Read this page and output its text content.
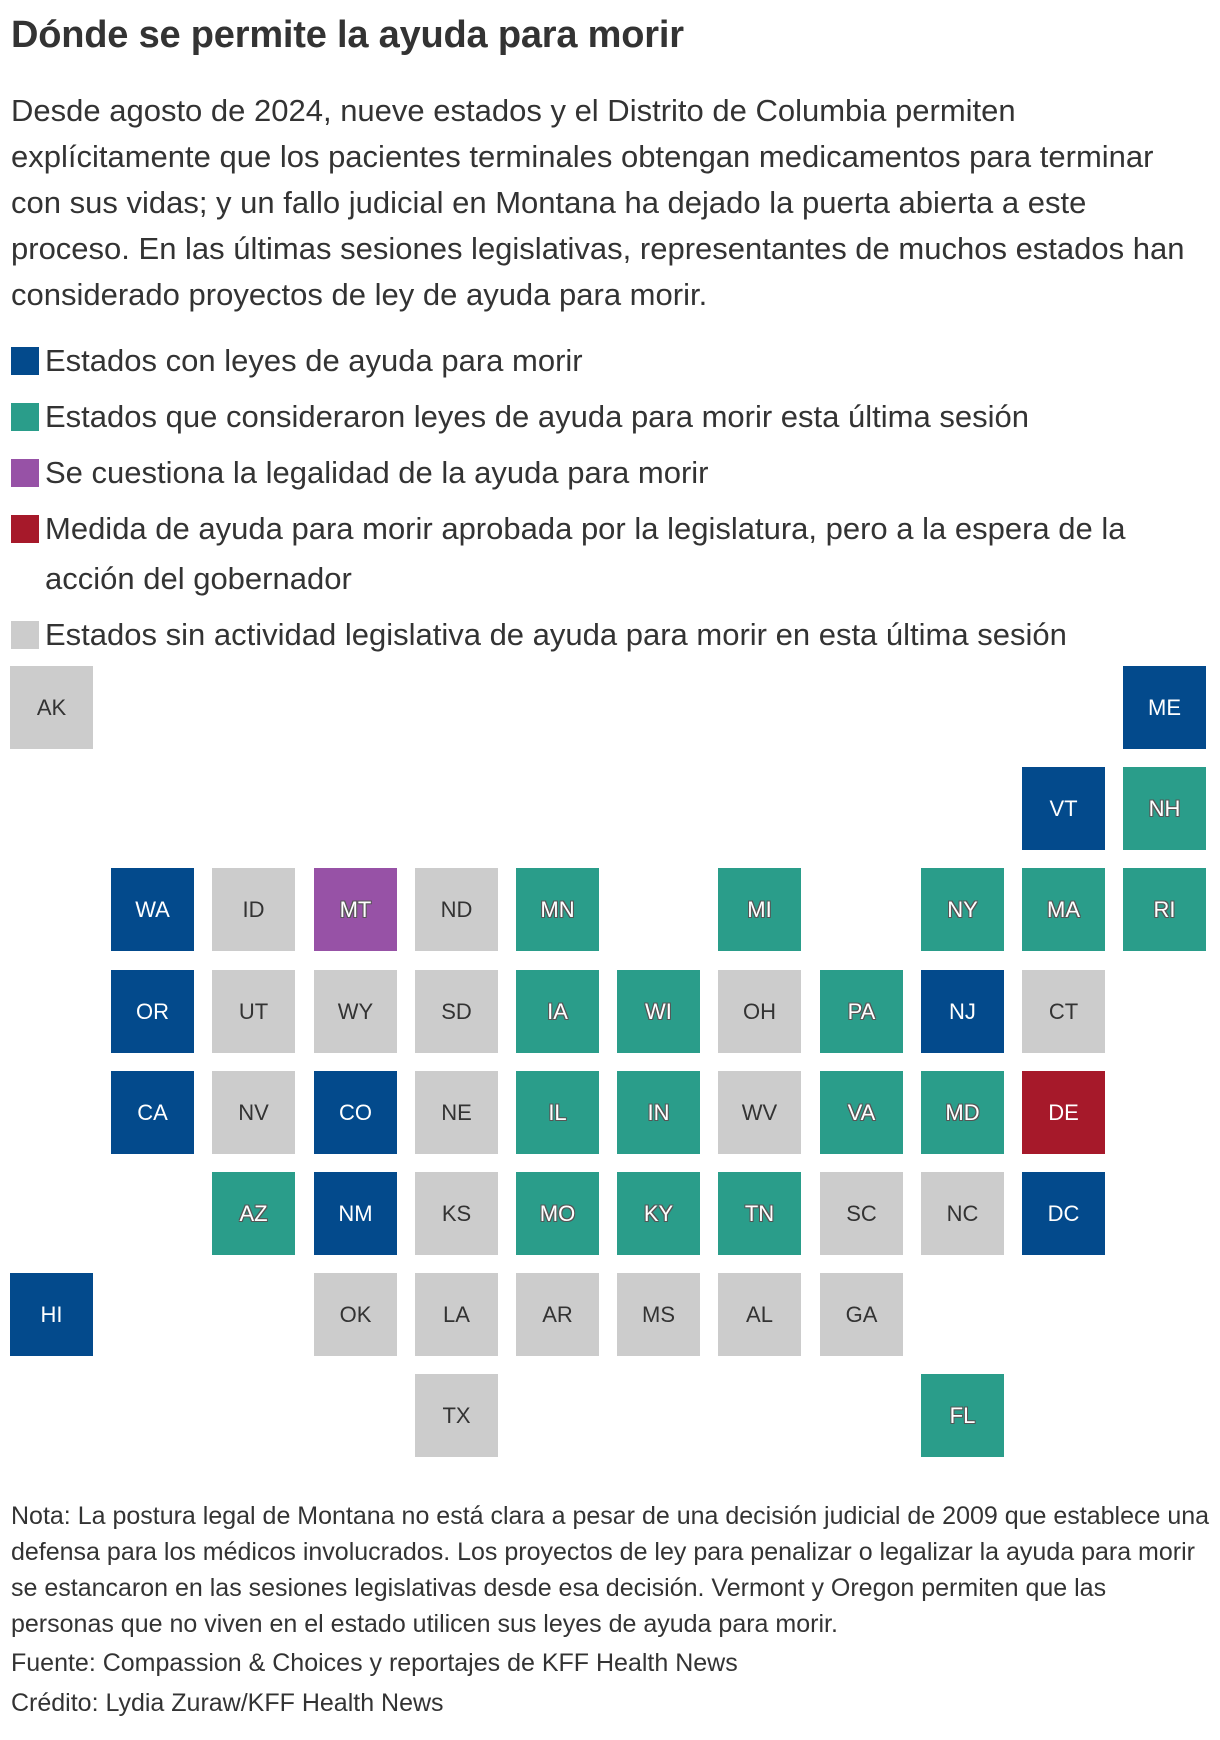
Dónde se permite la ayuda para morir

Desde agosto de 2024, nueve estados y el Distrito de Columbia permiten explícitamente que los pacientes terminales obtengan medicamentos para terminar con sus vidas; y un fallo judicial en Montana ha dejado la puerta abierta a este proceso. En las últimas sesiones legislativas, representantes de muchos estados han considerado proyectos de ley de ayuda para morir.

Estados con leyes de ayuda para morir
Estados que consideraron leyes de ayuda para morir esta última sesión
Se cuestiona la legalidad de la ayuda para morir
Medida de ayuda para morir aprobada por la legislatura, pero a la espera de la acción del gobernador
Estados sin actividad legislativa de ayuda para morir en esta última sesión
AK	ME
VT	NH
WA	ID	MT	ND	MN	MI	NY	MA	RI
OR	UT	WY	SD	IA	WI	OH	PA	NJ	CT
CA	NV	CO	NE	IL	IN	WV	VA	MD	DE
AZ	NM	KS	MO	KY	TN	SC	NC	DC
HI	OK	LA	AR	MS	AL	GA
TX	FL

Nota: La postura legal de Montana no está clara a pesar de una decisión judicial de 2009 que establece una defensa para los médicos involucrados. Los proyectos de ley para penalizar o legalizar la ayuda para morir se estancaron en las sesiones legislativas desde esa decisión. Vermont y Oregon permiten que las personas que no viven en el estado utilicen sus leyes de ayuda para morir.

Fuente: Compassion & Choices y reportajes de KFF Health News

Crédito: Lydia Zuraw/KFF Health News
